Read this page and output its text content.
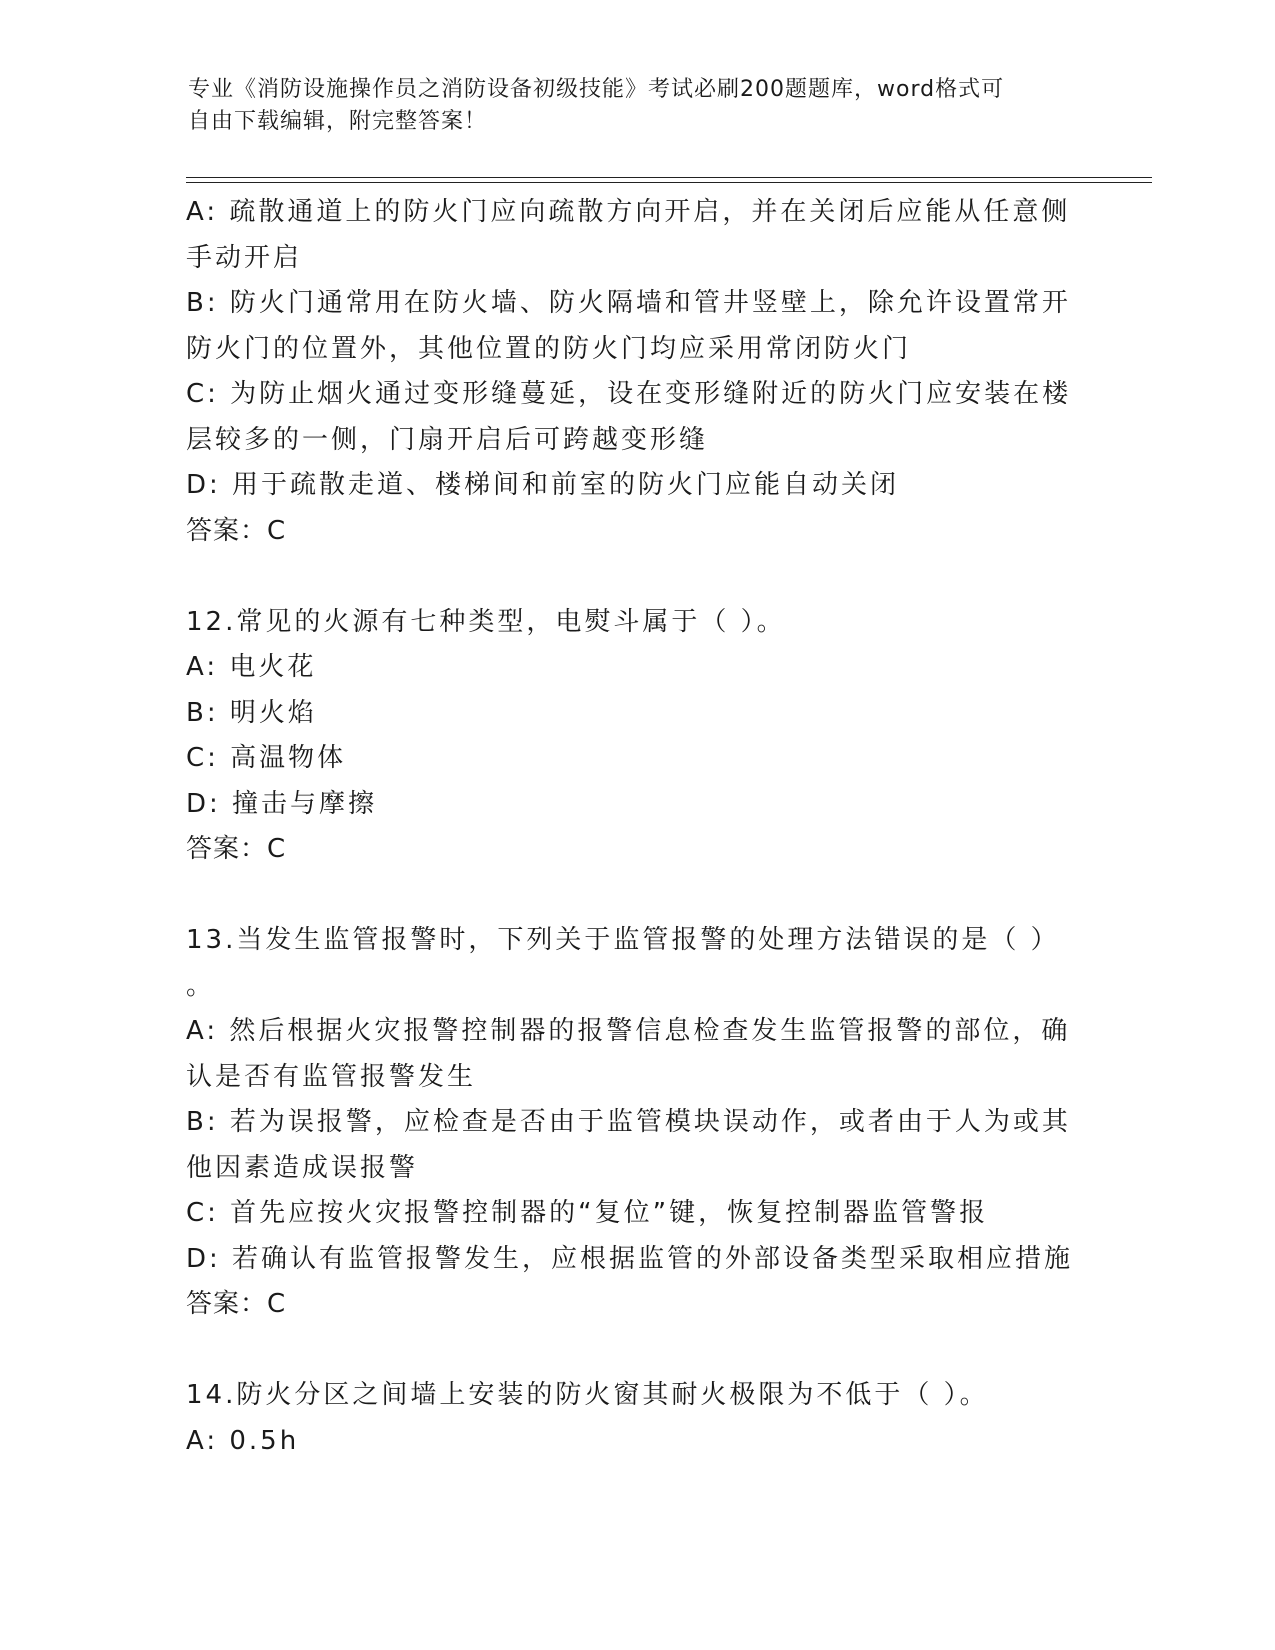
专业《消防设施操作员之消防设备初级技能》考试必刷200题题库，word格式可
自由下载编辑，附完整答案！
A: 疏散通道上的防火门应向疏散方向开启，并在关闭后应能从任意侧
手动开启
B: 防火门通常用在防火墙、防火隔墙和管井竖壁上，除允许设置常开
防火门的位置外，其他位置的防火门均应采用常闭防火门
C: 为防止烟火通过变形缝蔓延，设在变形缝附近的防火门应安装在楼
层较多的一侧，门扇开启后可跨越变形缝
D: 用于疏散走道、楼梯间和前室的防火门应能自动关闭
答案：C
12.常见的火源有七种类型，电熨斗属于（ ）。
A: 电火花
B: 明火焰
C: 高温物体
D: 撞击与摩擦
答案：C
13.当发生监管报警时，下列关于监管报警的处理方法错误的是（ ）
。
A: 然后根据火灾报警控制器的报警信息检查发生监管报警的部位，确
认是否有监管报警发生
B: 若为误报警，应检查是否由于监管模块误动作，或者由于人为或其
他因素造成误报警
C: 首先应按火灾报警控制器的“复位”键，恢复控制器监管警报
D: 若确认有监管报警发生，应根据监管的外部设备类型采取相应措施
答案：C
14.防火分区之间墙上安装的防火窗其耐火极限为不低于（ ）。
A: 0.5h
